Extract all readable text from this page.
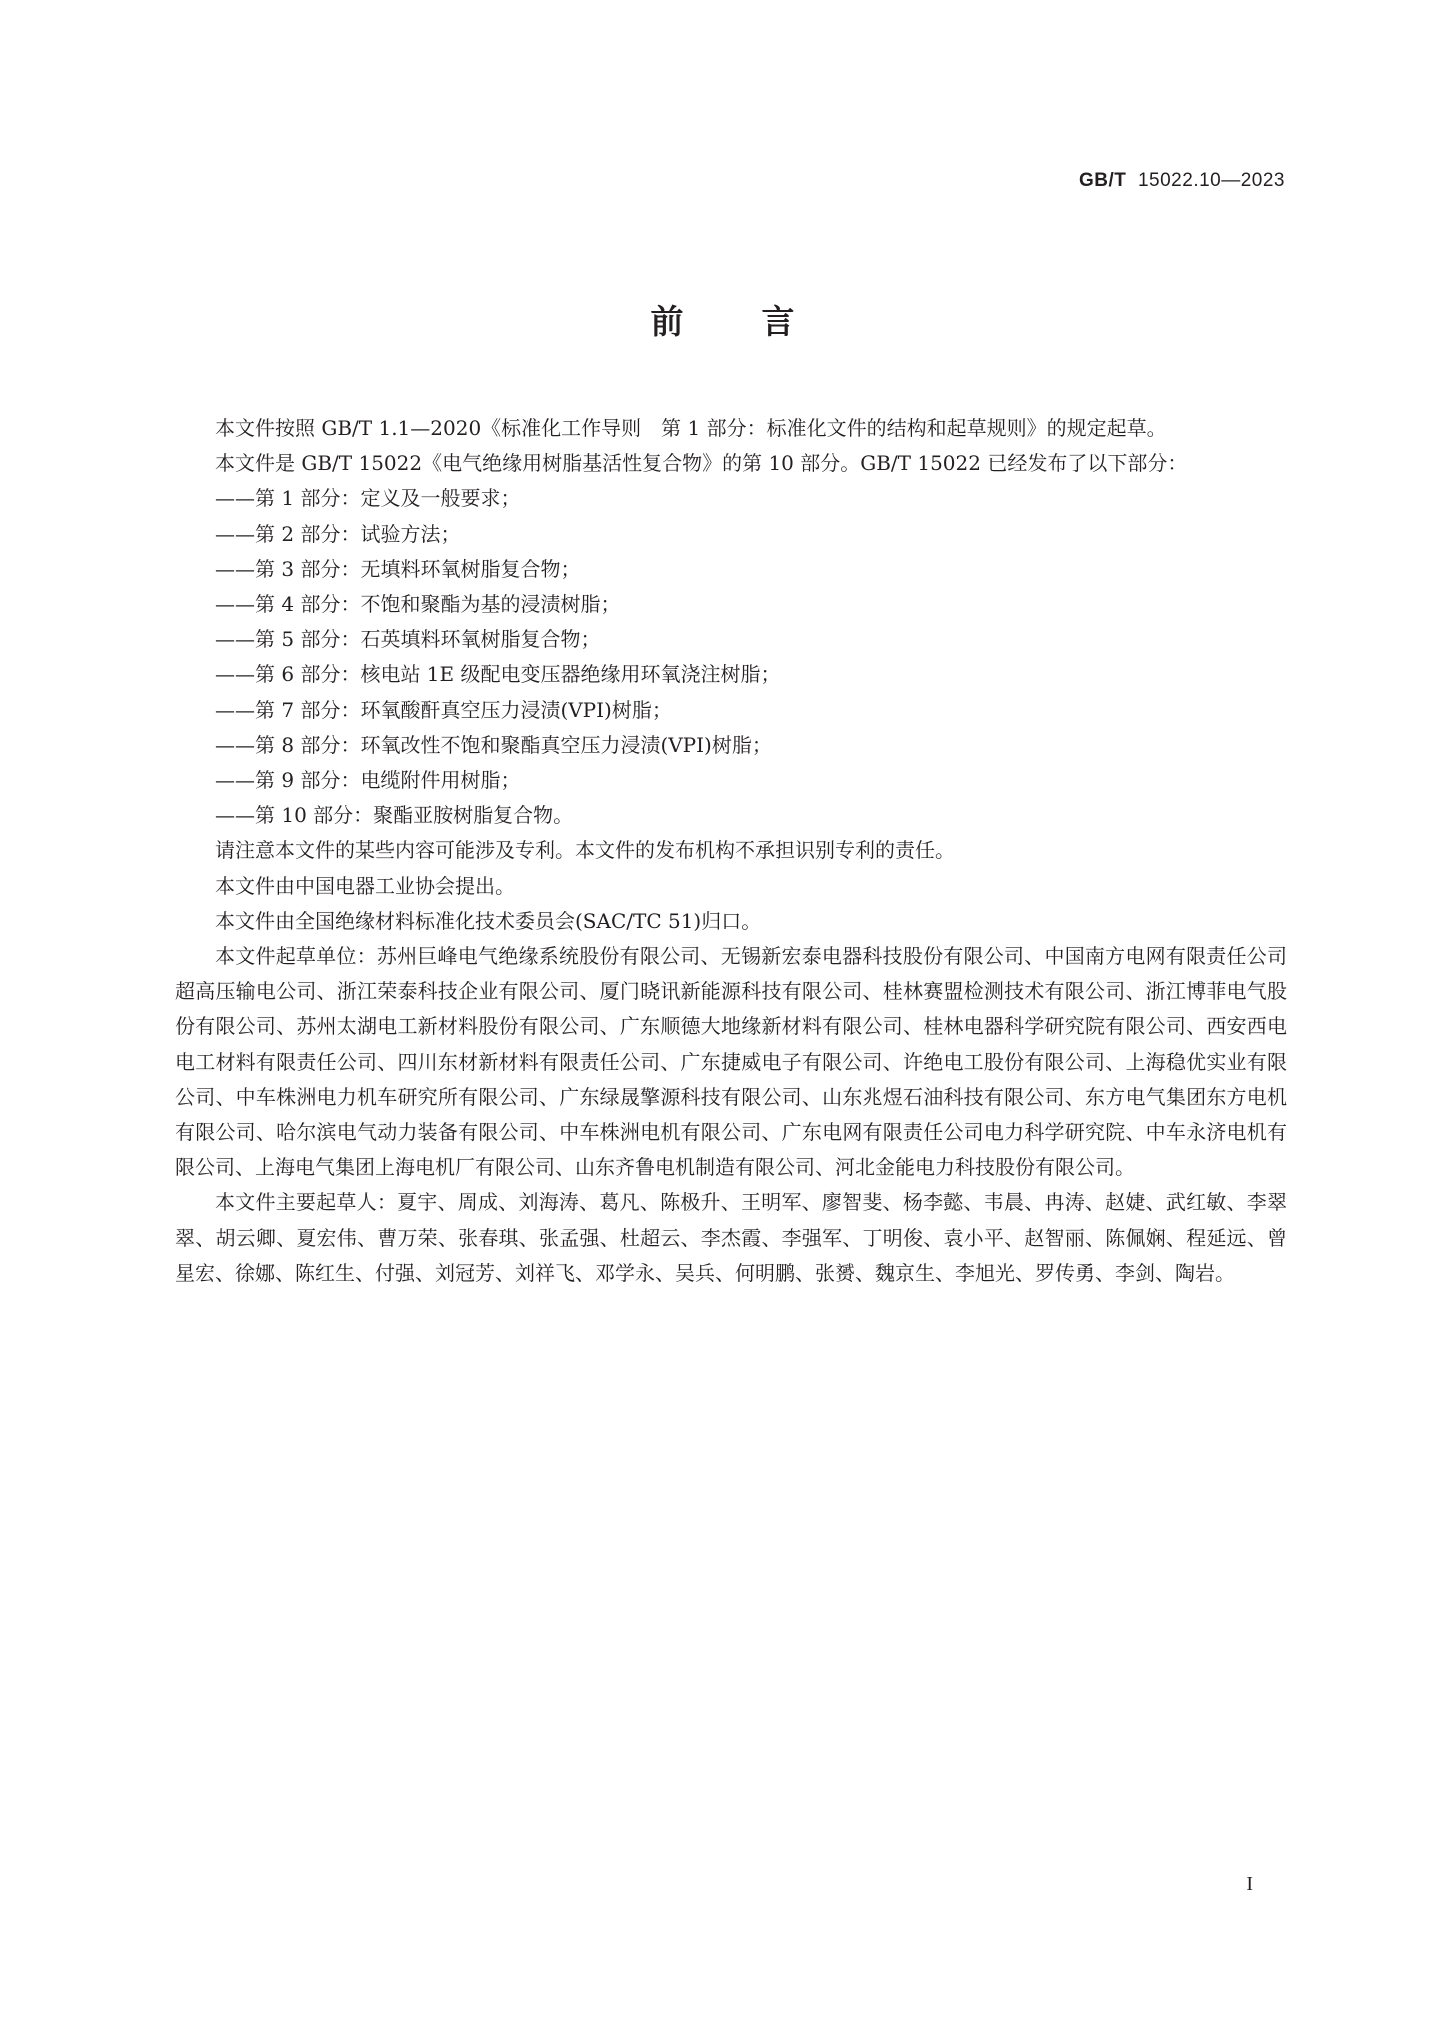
GB/T 15022.10—2023
前言

本文件按照 GB/T 1.1—2020《标准化工作导则　第 1 部分：标准化文件的结构和起草规则》的规定起草。

本文件是 GB/T 15022《电气绝缘用树脂基活性复合物》的第 10 部分。GB/T 15022 已经发布了以下部分：

——第 1 部分：定义及一般要求；

——第 2 部分：试验方法；

——第 3 部分：无填料环氧树脂复合物；

——第 4 部分：不饱和聚酯为基的浸渍树脂；

——第 5 部分：石英填料环氧树脂复合物；

——第 6 部分：核电站 1E 级配电变压器绝缘用环氧浇注树脂；

——第 7 部分：环氧酸酐真空压力浸渍(VPI)树脂；

——第 8 部分：环氧改性不饱和聚酯真空压力浸渍(VPI)树脂；

——第 9 部分：电缆附件用树脂；

——第 10 部分：聚酯亚胺树脂复合物。

请注意本文件的某些内容可能涉及专利。本文件的发布机构不承担识别专利的责任。

本文件由中国电器工业协会提出。

本文件由全国绝缘材料标准化技术委员会(SAC/TC 51)归口。

本文件起草单位：苏州巨峰电气绝缘系统股份有限公司、无锡新宏泰电器科技股份有限公司、中国南方电网有限责任公司超高压输电公司、浙江荣泰科技企业有限公司、厦门晓讯新能源科技有限公司、桂林赛盟检测技术有限公司、浙江博菲电气股份有限公司、苏州太湖电工新材料股份有限公司、广东顺德大地缘新材料有限公司、桂林电器科学研究院有限公司、西安西电电工材料有限责任公司、四川东材新材料有限责任公司、广东捷威电子有限公司、许绝电工股份有限公司、上海稳优实业有限公司、中车株洲电力机车研究所有限公司、广东绿晟擎源科技有限公司、山东兆煜石油科技有限公司、东方电气集团东方电机有限公司、哈尔滨电气动力装备有限公司、中车株洲电机有限公司、广东电网有限责任公司电力科学研究院、中车永济电机有限公司、上海电气集团上海电机厂有限公司、山东齐鲁电机制造有限公司、河北金能电力科技股份有限公司。

本文件主要起草人：夏宇、周成、刘海涛、葛凡、陈极升、王明军、廖智斐、杨李懿、韦晨、冉涛、赵婕、武红敏、李翠翠、胡云卿、夏宏伟、曹万荣、张春琪、张孟强、杜超云、李杰霞、李强军、丁明俊、袁小平、赵智丽、陈佩娴、程延远、曾星宏、徐娜、陈红生、付强、刘冠芳、刘祥飞、邓学永、吴兵、何明鹏、张赟、魏京生、李旭光、罗传勇、李剑、陶岩。

I
